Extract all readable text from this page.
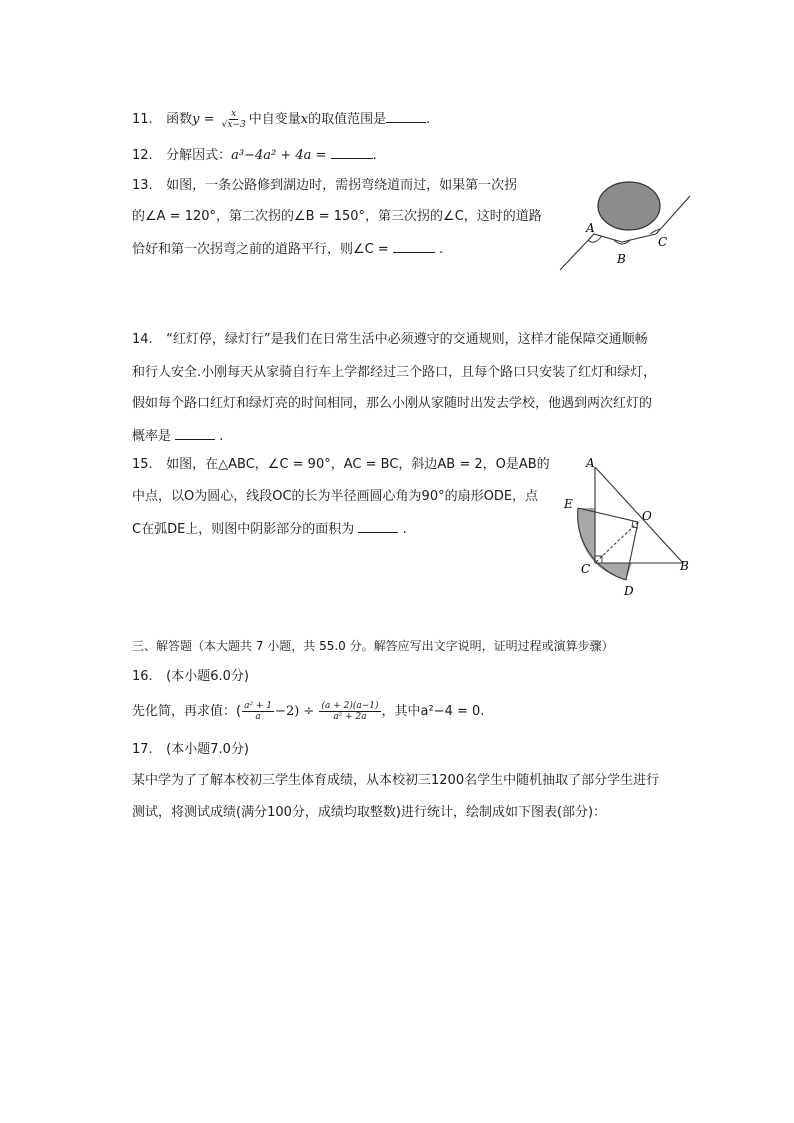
11. 函数$y = \frac{x}{√x-3}$ 中自变量x的取值范围是	.
12. 分解因式：a³−4a² + 4a =	.
13. 如图，一条公路修到湖边时，需拐弯绕道而过，如果第一次拐
的∠A = 120°，第二次拐的∠B = 150°，第三次拐的∠C，这时的道路
恰好和第一次拐弯之前的道路平行，则∠C =	.
A
B
C
14. “红灯停，绿灯行”是我们在日常生活中必须遵守的交通规则，这样才能保障交通顺畅
和行人安全.小刚每天从家骑自行车上学都经过三个路口，且每个路口只安装了红灯和绿灯，
假如每个路口红灯和绿灯亮的时间相同，那么小刚从家随时出发去学校，他遇到两次红灯的
概率是	.
15. 如图，在△ABC，∠C = 90°，AC = BC，斜边AB = 2，O是AB的
中点，以O为圆心，线段OC的长为半径画圆心角为90°的扇形ODE，点
C在弧DE上，则图中阴影部分的面积为	.
A
E
O
C	B
D
三、解答题（本大题共 7 小题，共 55.0 分。解答应写出文字说明，证明过程或演算步骤）
16. (本小题6.0分)
先化简，再求值：( $\frac{\text{a² + 1}}{a} -2) \div \frac{(a + 2)(a-1)}{\text{a² + 2a}}$ ，其中a²−4 = 0.
17. (本小题7.0分)
某中学为了了解本校初三学生体育成绩，从本校初三1200名学生中随机抽取了部分学生进行
测试，将测试成绩(满分100分，成绩均取整数)进行统计，绘制成如下图表(部分)：
